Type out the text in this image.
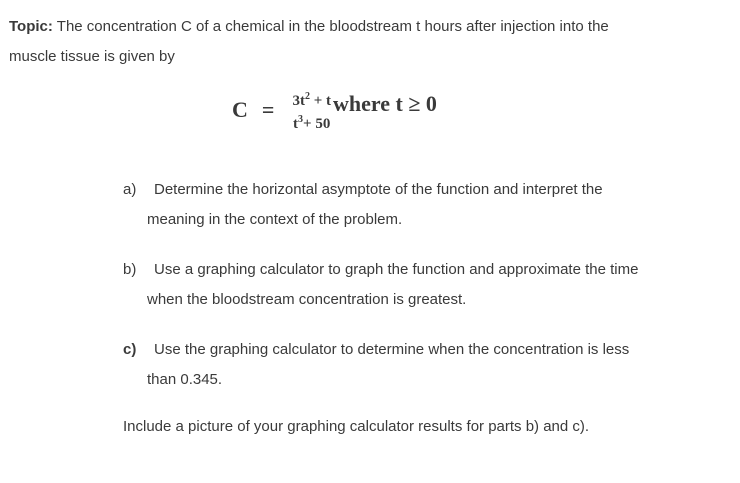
Topic: The concentration C of a chemical in the bloodstream t hours after injection into the
muscle tissue is given by

$C = 3t^2 + t$
$t^3+ 50$
where t ≥ 0
a)	Determine the horizontal asymptote of the function and interpret the
meaning in the context of the problem.
b)	Use a graphing calculator to graph the function and approximate the time
when the bloodstream concentration is greatest.
c)	Use the graphing calculator to determine when the concentration is less
than 0.345.
Include a picture of your graphing calculator results for parts b) and c).
